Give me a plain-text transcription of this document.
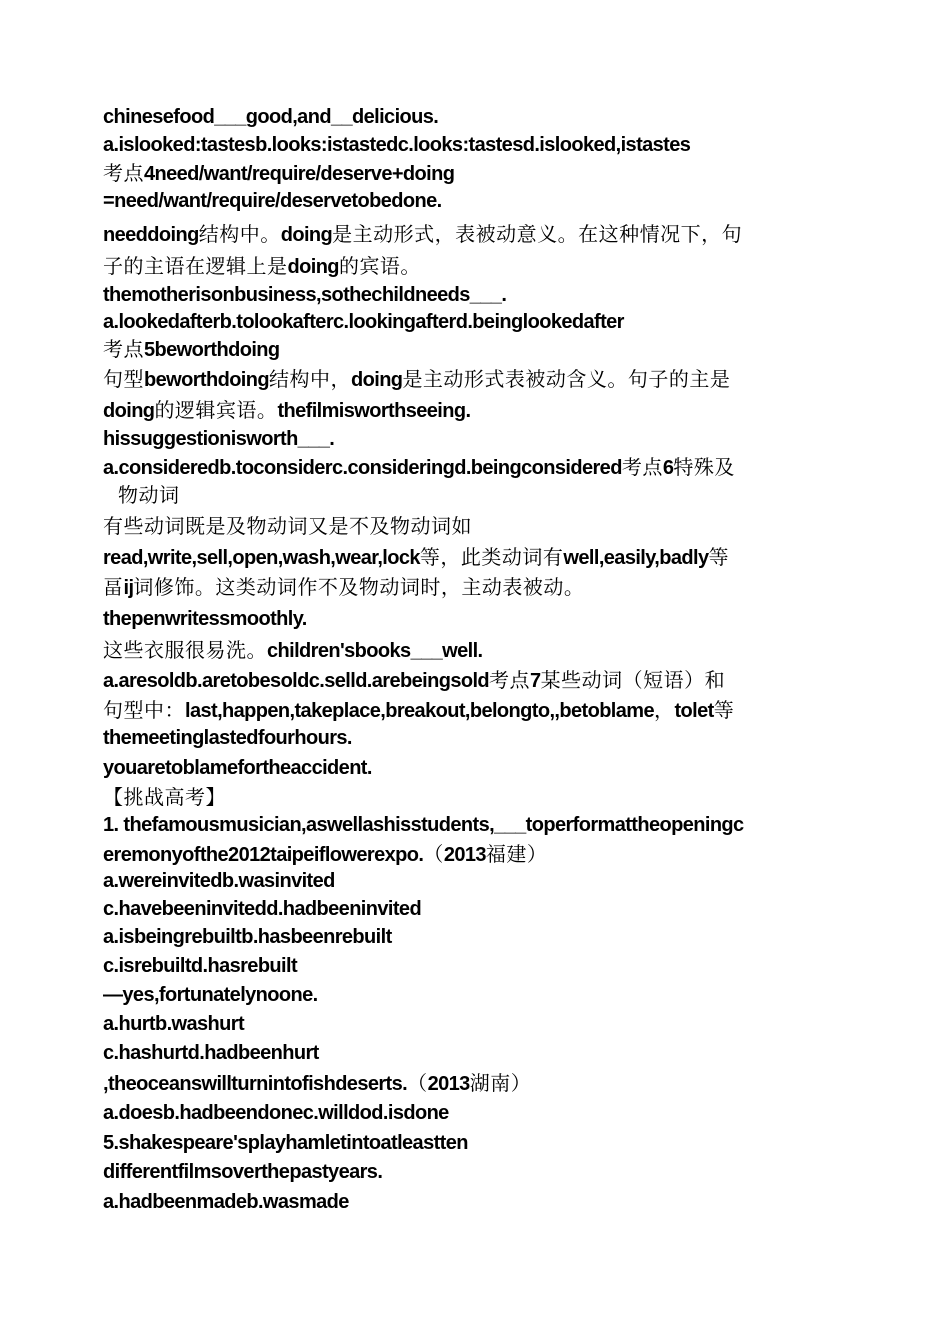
chinesefood___good,and__delicious.
a.islooked:tastesb.looks:istastedc.looks:tastesd.islooked,istastes
考点4need/want/require/deserve+doing
=need/want/require/deservetobedone.
needdoing结构中。doing是主动形式，表被动意义。在这种情况下，句
子的主语在逻辑上是doing的宾语。
themotherisonbusiness,sothechildneeds___.
a.lookedafterb.tolookafterc.lookingafterd.beinglookedafter
考点5beworthdoing
句型beworthdoing结构中，doing是主动形式表被动含义。句子的主是
doing的逻辑宾语。thefilmisworthseeing.
hissuggestionisworth___.
a.consideredb.toconsiderc.consideringd.beingconsidered考点6特殊及
物动词
有些动词既是及物动词又是不及物动词如
read,write,sell,open,wash,wear,lock等，此类动词有well,easily,badly等
畐ij词修饰。这类动词作不及物动词时，主动表被动。
thepenwritessmoothly.
这些衣服很易洗。children'sbooks___well.
a.aresoldb.aretobesoldc.selld.arebeingsold考点7某些动词（短语）和
句型中：last,happen,takeplace,breakout,belongto,,betoblame，tolet等
themeetinglastedfourhours.
youaretoblamefortheaccident.
【挑战高考】
1. thefamousmusician,aswellashisstudents,___toperformattheopeningc
eremonyofthe2012taipeiflowerexpo.（2013福建）
a.wereinvitedb.wasinvited
c.havebeeninvitedd.hadbeeninvited
a.isbeingrebuiltb.hasbeenrebuilt
c.isrebuiltd.hasrebuilt
—yes,fortunatelynoone.
a.hurtb.washurt
c.hashurtd.hadbeenhurt
,theoceanswillturnintofishdeserts.（2013湖南）
a.doesb.hadbeendonec.willdod.isdone
5.shakespeare'splayhamletintoatleastten
differentfilmsoverthepastyears.
a.hadbeenmadeb.wasmade
